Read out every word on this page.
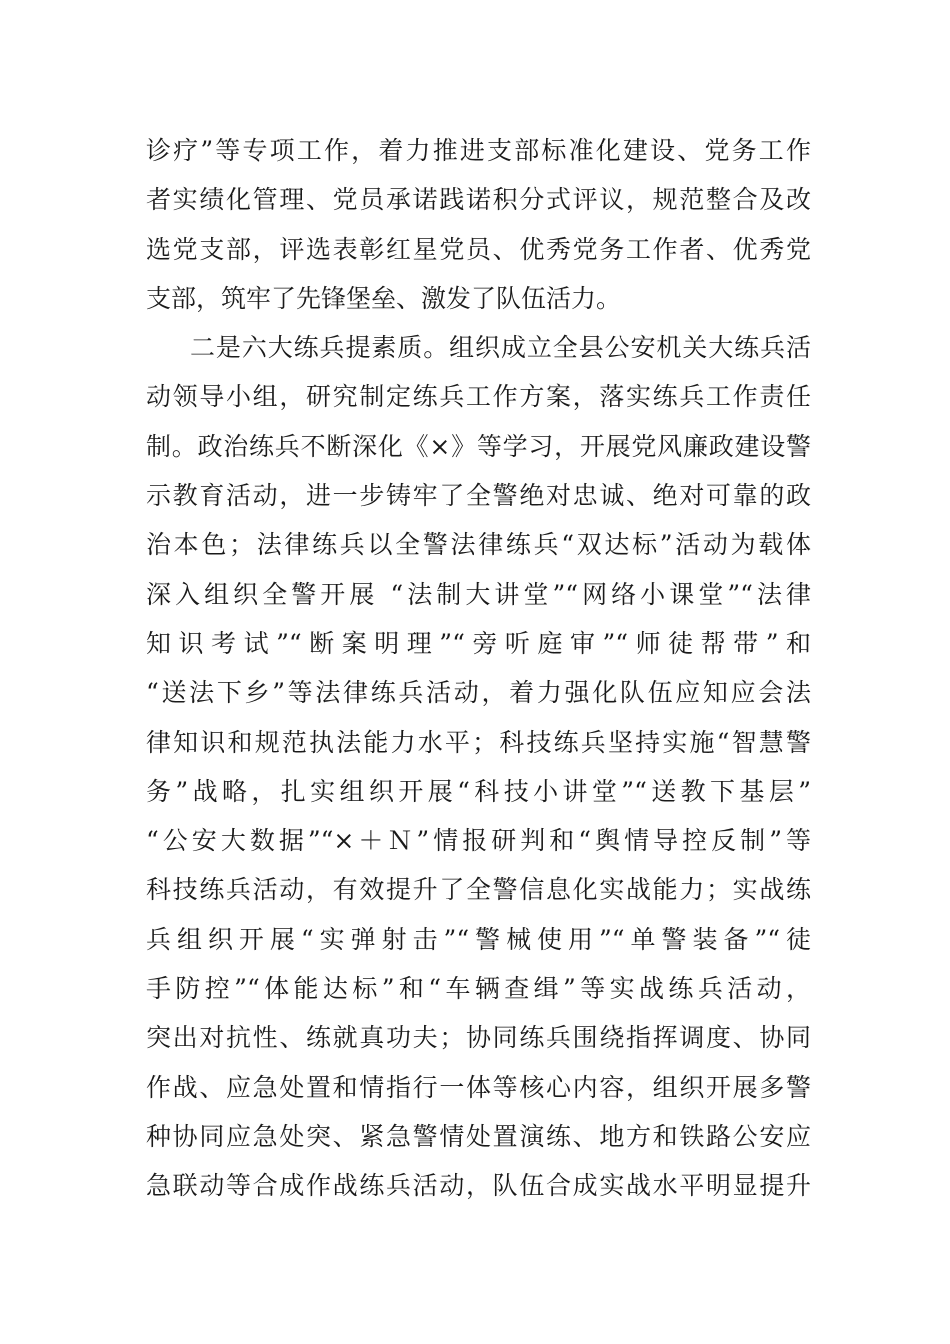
诊疗”等专项工作，着力推进支部标准化建设、党务工作
者实绩化管理、党员承诺践诺积分式评议，规范整合及改
选党支部，评选表彰红星党员、优秀党务工作者、优秀党
支部，筑牢了先锋堡垒、激发了队伍活力。
二是六大练兵提素质。组织成立全县公安机关大练兵活
动领导小组，研究制定练兵工作方案，落实练兵工作责任
制。政治练兵不断深化《×》等学习，开展党风廉政建设警
示教育活动，进一步铸牢了全警绝对忠诚、绝对可靠的政
治本色；法律练兵以全警法律练兵“双达标”活动为载体
深入组织全警开展 “法制大讲堂”“网络小课堂”“法律
知识考试”“断案明理”“旁听庭审”“师徒帮带”和
“送法下乡”等法律练兵活动，着力强化队伍应知应会法
律知识和规范执法能力水平；科技练兵坚持实施“智慧警
务”战略，扎实组织开展“科技小讲堂”“送教下基层”
“公安大数据”“×＋Ｎ”情报研判和“舆情导控反制”等
科技练兵活动，有效提升了全警信息化实战能力；实战练
兵组织开展“实弹射击”“警械使用”“单警装备”“徒
手防控”“体能达标”和“车辆查缉”等实战练兵活动，
突出对抗性、练就真功夫；协同练兵围绕指挥调度、协同
作战、应急处置和情指行一体等核心内容，组织开展多警
种协同应急处突、紧急警情处置演练、地方和铁路公安应
急联动等合成作战练兵活动，队伍合成实战水平明显提升
